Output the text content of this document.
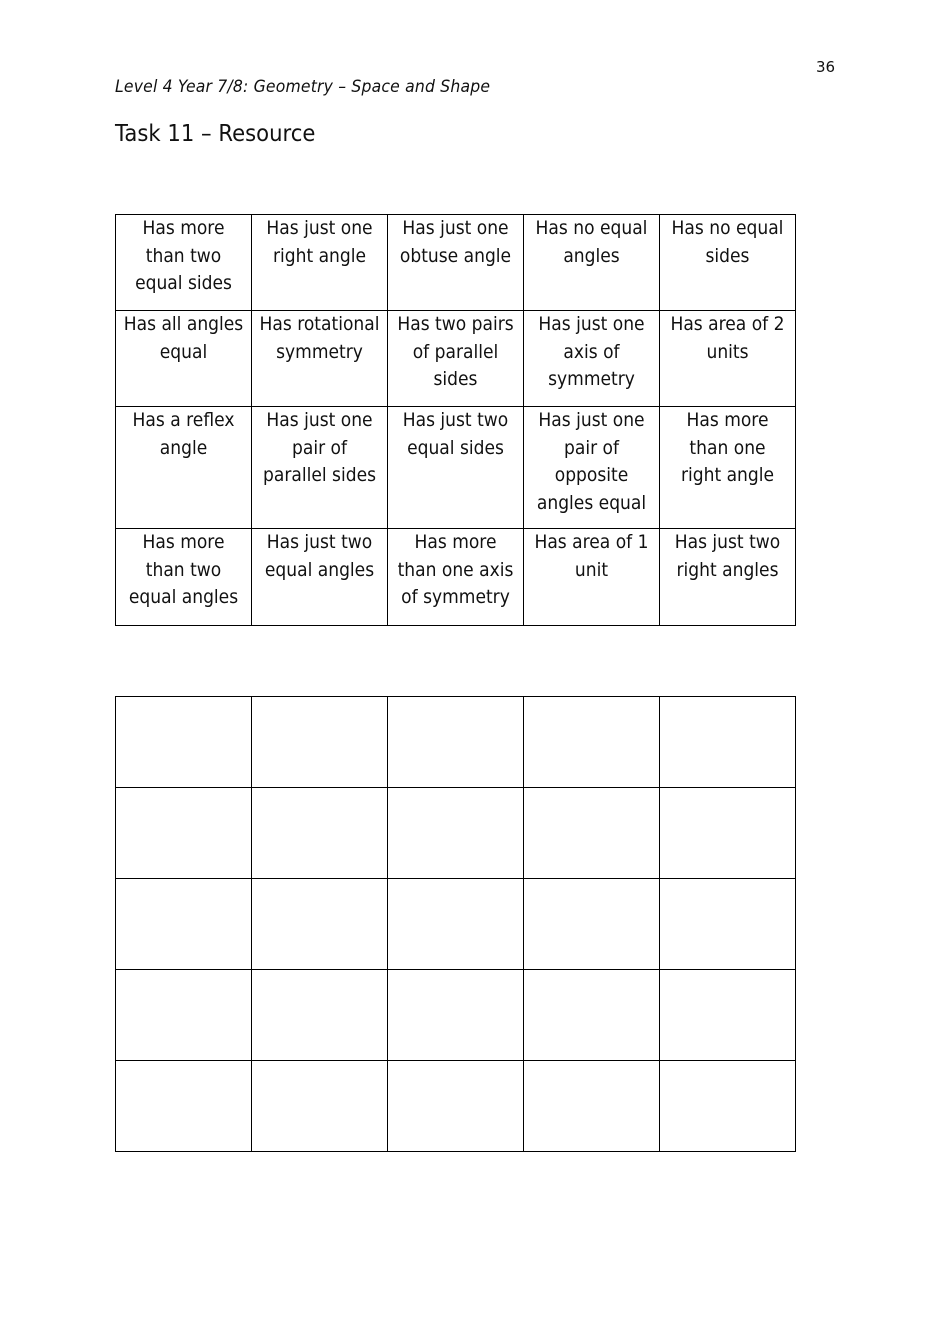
36
Level 4 Year 7/8: Geometry – Space and Shape
Task 11 – Resource
Has more than two equal sides	Has just one right angle	Has just one obtuse angle	Has no equal angles	Has no equal sides
Has all angles equal	Has rotational symmetry	Has two pairs of parallel sides	Has just one axis of symmetry	Has area of 2 units
Has a reflex angle	Has just one pair of parallel sides	Has just two equal sides	Has just one pair of opposite angles equal	Has more than one right angle
Has more than two equal angles	Has just two equal angles	Has more than one axis of symmetry	Has area of 1 unit	Has just two right angles
